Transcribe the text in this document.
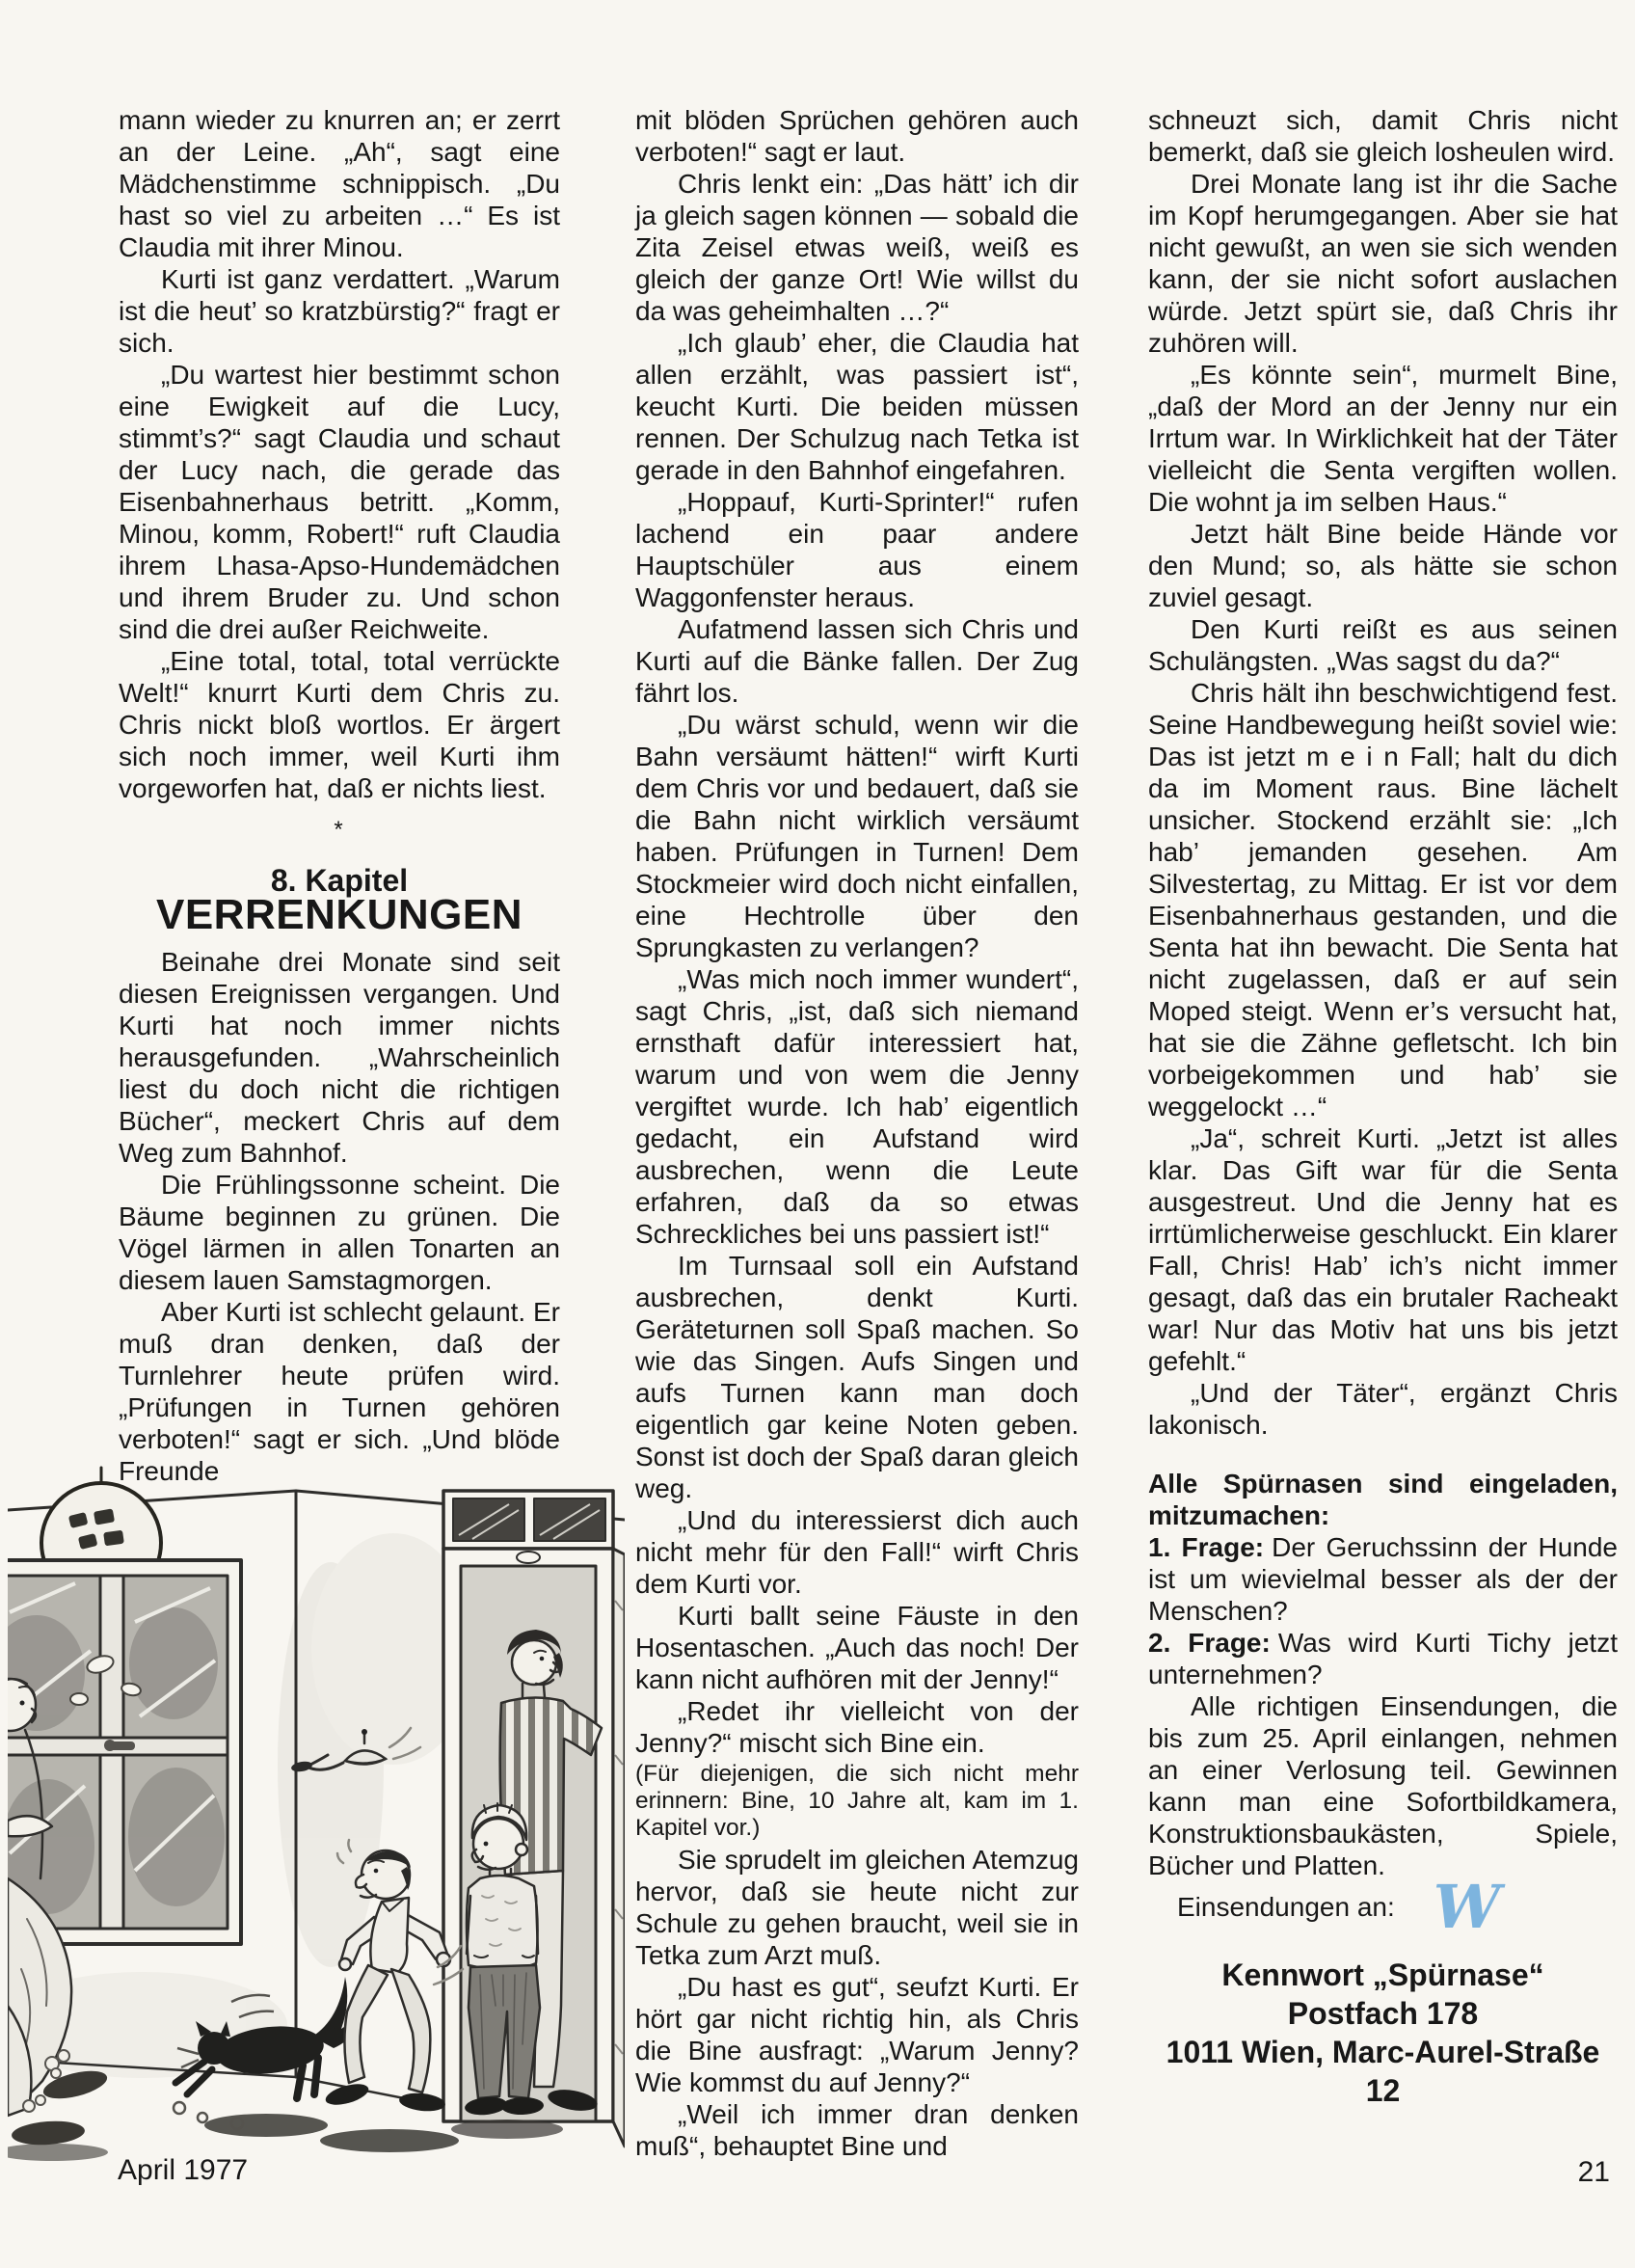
mann wieder zu knurren an; er zerrt an der Leine. „Ah“, sagt eine Mädchenstimme schnippisch. „Du hast so viel zu arbeiten …“ Es ist Claudia mit ihrer Minou.

Kurti ist ganz verdattert. „Warum ist die heut’ so kratzbürstig?“ fragt er sich.

„Du wartest hier bestimmt schon eine Ewigkeit auf die Lucy, stimmt’s?“ sagt Claudia und schaut der Lucy nach, die gerade das Eisenbahnerhaus betritt. „Komm, Minou, komm, Robert!“ ruft Claudia ihrem Lhasa-Apso-Hundemädchen und ihrem Bruder zu. Und schon sind die drei außer Reichweite.

„Eine total, total, total verrückte Welt!“ knurrt Kurti dem Chris zu. Chris nickt bloß wortlos. Er ärgert sich noch immer, weil Kurti ihm vorgeworfen hat, daß er nichts liest.

*
8. Kapitel
VERRENKUNGEN

Beinahe drei Monate sind seit diesen Ereignissen vergangen. Und Kurti hat noch immer nichts herausgefunden. „Wahrscheinlich liest du doch nicht die richtigen Bücher“, meckert Chris auf dem Weg zum Bahnhof.

Die Frühlingssonne scheint. Die Bäume beginnen zu grünen. Die Vögel lärmen in allen Tonarten an diesem lauen Samstagmorgen.

Aber Kurti ist schlecht gelaunt. Er muß dran denken, daß der Turnlehrer heute prüfen wird. „Prüfungen in Turnen gehören verboten!“ sagt er sich. „Und blöde Freunde

mit blöden Sprüchen gehören auch verboten!“ sagt er laut.

Chris lenkt ein: „Das hätt’ ich dir ja gleich sagen können — sobald die Zita Zeisel etwas weiß, weiß es gleich der ganze Ort! Wie willst du da was geheimhalten …?“

„Ich glaub’ eher, die Claudia hat allen erzählt, was passiert ist“, keucht Kurti. Die beiden müssen rennen. Der Schulzug nach Tetka ist gerade in den Bahnhof eingefahren.

„Hoppauf, Kurti-Sprinter!“ rufen lachend ein paar andere Hauptschüler aus einem Waggonfenster heraus.

Aufatmend lassen sich Chris und Kurti auf die Bänke fallen. Der Zug fährt los.

„Du wärst schuld, wenn wir die Bahn versäumt hätten!“ wirft Kurti dem Chris vor und bedauert, daß sie die Bahn nicht wirklich versäumt haben. Prüfungen in Turnen! Dem Stockmeier wird doch nicht einfallen, eine Hechtrolle über den Sprungkasten zu verlangen?

„Was mich noch immer wundert“, sagt Chris, „ist, daß sich niemand ernsthaft dafür interessiert hat, warum und von wem die Jenny vergiftet wurde. Ich hab’ eigentlich gedacht, ein Aufstand wird ausbrechen, wenn die Leute erfahren, daß da so etwas Schreckliches bei uns passiert ist!“

Im Turnsaal soll ein Aufstand ausbrechen, denkt Kurti. Geräteturnen soll Spaß machen. So wie das Singen. Aufs Singen und aufs Turnen kann man doch eigentlich gar keine Noten geben. Sonst ist doch der Spaß daran gleich weg.

„Und du interessierst dich auch nicht mehr für den Fall!“ wirft Chris dem Kurti vor.

Kurti ballt seine Fäuste in den Hosentaschen. „Auch das noch! Der kann nicht aufhören mit der Jenny!“

„Redet ihr vielleicht von der Jenny?“ mischt sich Bine ein.

(Für diejenigen, die sich nicht mehr erinnern: Bine, 10 Jahre alt, kam im 1. Kapitel vor.)

Sie sprudelt im gleichen Atemzug hervor, daß sie heute nicht zur Schule zu gehen braucht, weil sie in Tetka zum Arzt muß.

„Du hast es gut“, seufzt Kurti. Er hört gar nicht richtig hin, als Chris die Bine ausfragt: „Warum Jenny? Wie kommst du auf Jenny?“

„Weil ich immer dran denken muß“, behauptet Bine und

schneuzt sich, damit Chris nicht bemerkt, daß sie gleich losheulen wird.

Drei Monate lang ist ihr die Sache im Kopf herumgegangen. Aber sie hat nicht gewußt, an wen sie sich wenden kann, der sie nicht sofort auslachen würde. Jetzt spürt sie, daß Chris ihr zuhören will.

„Es könnte sein“, murmelt Bine, „daß der Mord an der Jenny nur ein Irrtum war. In Wirklichkeit hat der Täter vielleicht die Senta vergiften wollen. Die wohnt ja im selben Haus.“

Jetzt hält Bine beide Hände vor den Mund; so, als hätte sie schon zuviel gesagt.

Den Kurti reißt es aus seinen Schulängsten. „Was sagst du da?“

Chris hält ihn beschwichtigend fest. Seine Handbewegung heißt soviel wie: Das ist jetzt m e i n Fall; halt du dich da im Moment raus. Bine lächelt unsicher. Stockend erzählt sie: „Ich hab’ jemanden gesehen. Am Silvestertag, zu Mittag. Er ist vor dem Eisenbahnerhaus gestanden, und die Senta hat ihn bewacht. Die Senta hat nicht zugelassen, daß er auf sein Moped steigt. Wenn er’s versucht hat, hat sie die Zähne gefletscht. Ich bin vorbeigekommen und hab’ sie weggelockt …“

„Ja“, schreit Kurti. „Jetzt ist alles klar. Das Gift war für die Senta ausgestreut. Und die Jenny hat es irrtümlicherweise geschluckt. Ein klarer Fall, Chris! Hab’ ich’s nicht immer gesagt, daß das ein brutaler Racheakt war! Nur das Motiv hat uns bis jetzt gefehlt.“

„Und der Täter“, ergänzt Chris lakonisch.

Alle Spürnasen sind eingeladen, mitzumachen:

1. Frage: Der Geruchssinn der Hunde ist um wievielmal besser als der der Menschen?

2. Frage: Was wird Kurti Tichy jetzt unternehmen?

Alle richtigen Einsendungen, die bis zum 25. April einlangen, nehmen an einer Verlosung teil. Gewinnen kann man eine Sofortbildkamera, Konstruktionsbaukästen, Spiele, Bücher und Platten.

Einsendungen an: W

Kennwort „Spürnase“
Postfach 178
1011 Wien, Marc-Aurel-Straße 12
April 1977	21
